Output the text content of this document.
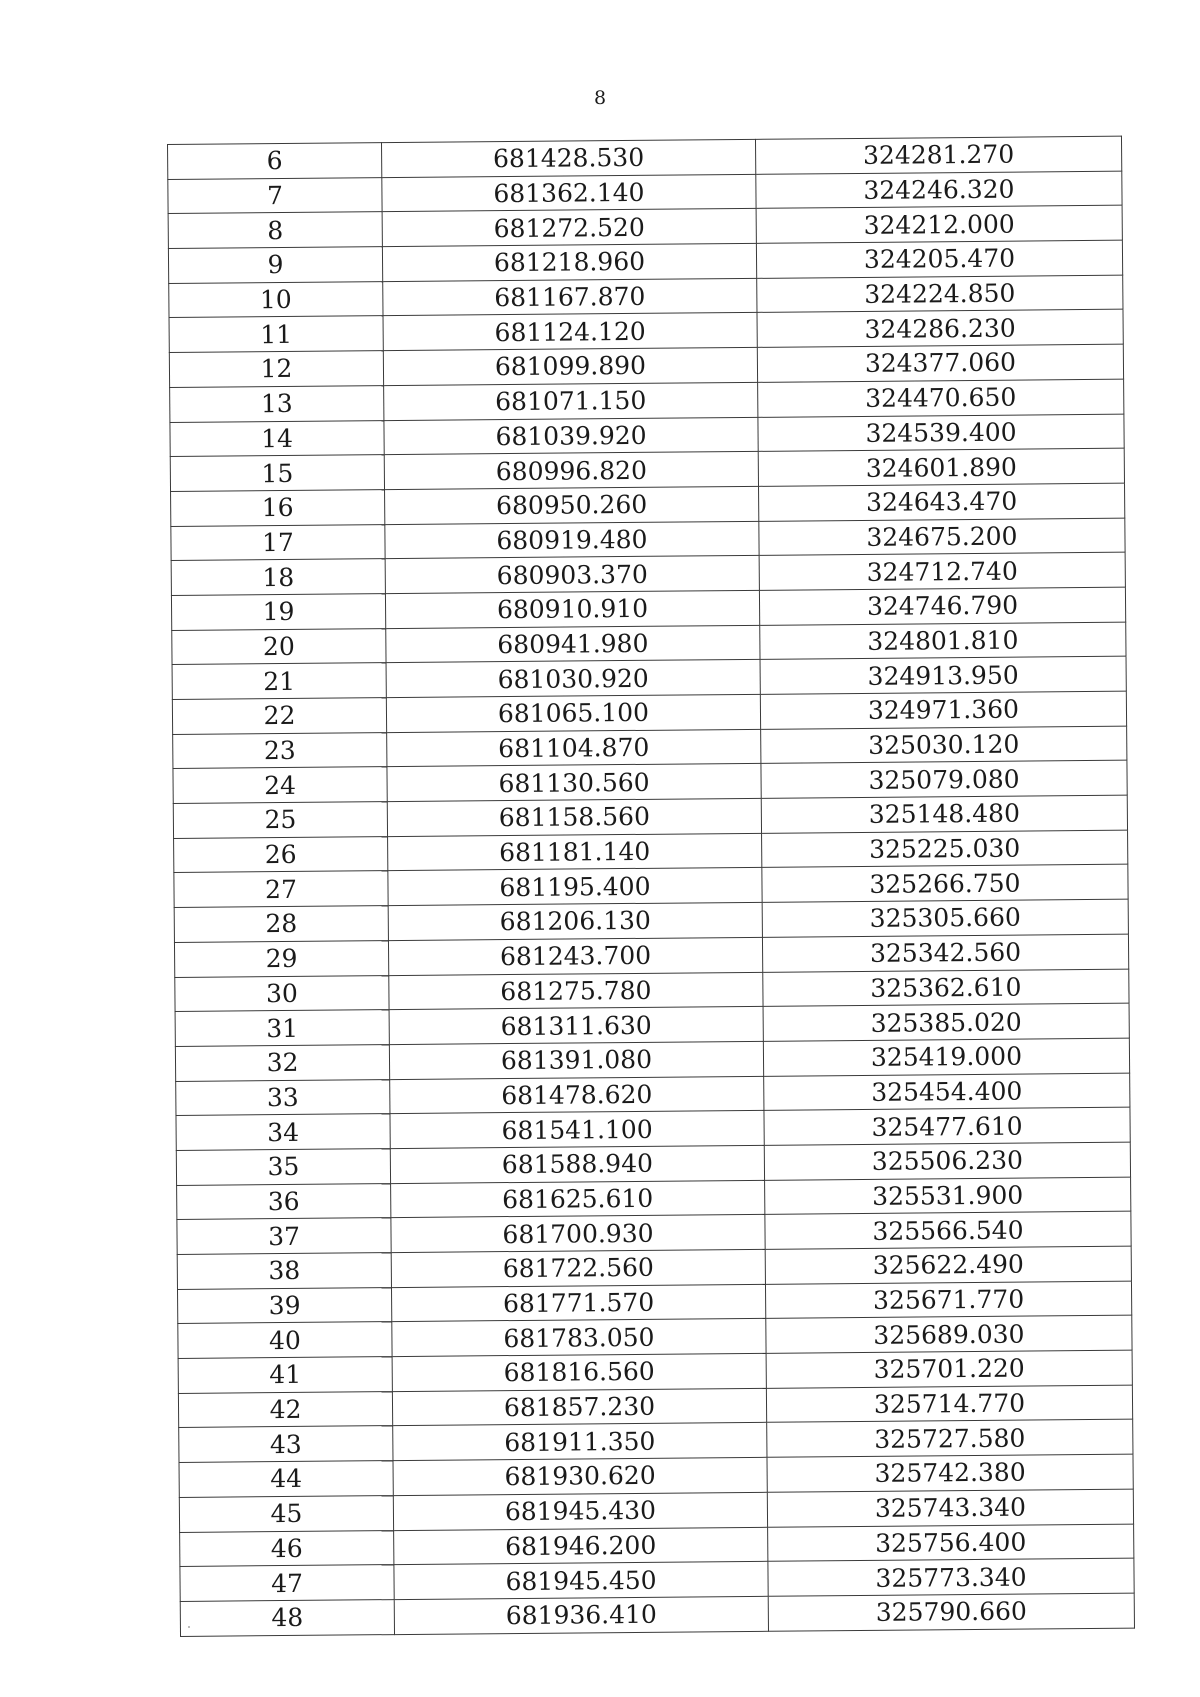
8
6	681428.530	324281.270
7	681362.140	324246.320
8	681272.520	324212.000
9	681218.960	324205.470
10	681167.870	324224.850
11	681124.120	324286.230
12	681099.890	324377.060
13	681071.150	324470.650
14	681039.920	324539.400
15	680996.820	324601.890
16	680950.260	324643.470
17	680919.480	324675.200
18	680903.370	324712.740
19	680910.910	324746.790
20	680941.980	324801.810
21	681030.920	324913.950
22	681065.100	324971.360
23	681104.870	325030.120
24	681130.560	325079.080
25	681158.560	325148.480
26	681181.140	325225.030
27	681195.400	325266.750
28	681206.130	325305.660
29	681243.700	325342.560
30	681275.780	325362.610
31	681311.630	325385.020
32	681391.080	325419.000
33	681478.620	325454.400
34	681541.100	325477.610
35	681588.940	325506.230
36	681625.610	325531.900
37	681700.930	325566.540
38	681722.560	325622.490
39	681771.570	325671.770
40	681783.050	325689.030
41	681816.560	325701.220
42	681857.230	325714.770
43	681911.350	325727.580
44	681930.620	325742.380
45	681945.430	325743.340
46	681946.200	325756.400
47	681945.450	325773.340
48	681936.410	325790.660
